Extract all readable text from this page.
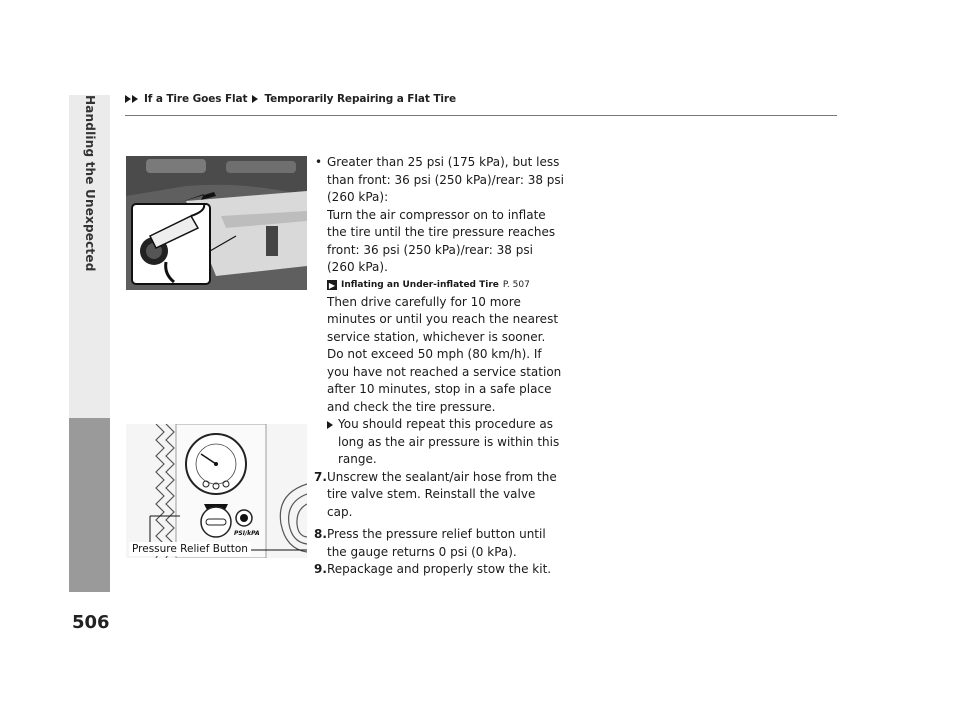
Handling the Unexpected	If a Tire Goes Flat Temporarily Repairing a Flat Tire
PSI/kPA
Pressure Relief Button
• Greater than 25 psi (175 kPa), but less than front: 36 psi (250 kPa)/rear: 38 psi (260 kPa):
Turn the air compressor on to inflate the tire until the tire pressure reaches front: 36 psi (250 kPa)/rear: 38 psi (260 kPa).
▶ Inflating an Under-inflated Tire P. 507
Then drive carefully for 10 more minutes or until you reach the nearest service station, whichever is sooner. Do not exceed 50 mph (80 km/h). If you have not reached a service station after 10 minutes, stop in a safe place and check the tire pressure.
You should repeat this procedure as long as the air pressure is within this range.
7. Unscrew the sealant/air hose from the tire valve stem. Reinstall the valve cap.
8. Press the pressure relief button until the gauge returns 0 psi (0 kPa).
9. Repackage and properly stow the kit.
506
